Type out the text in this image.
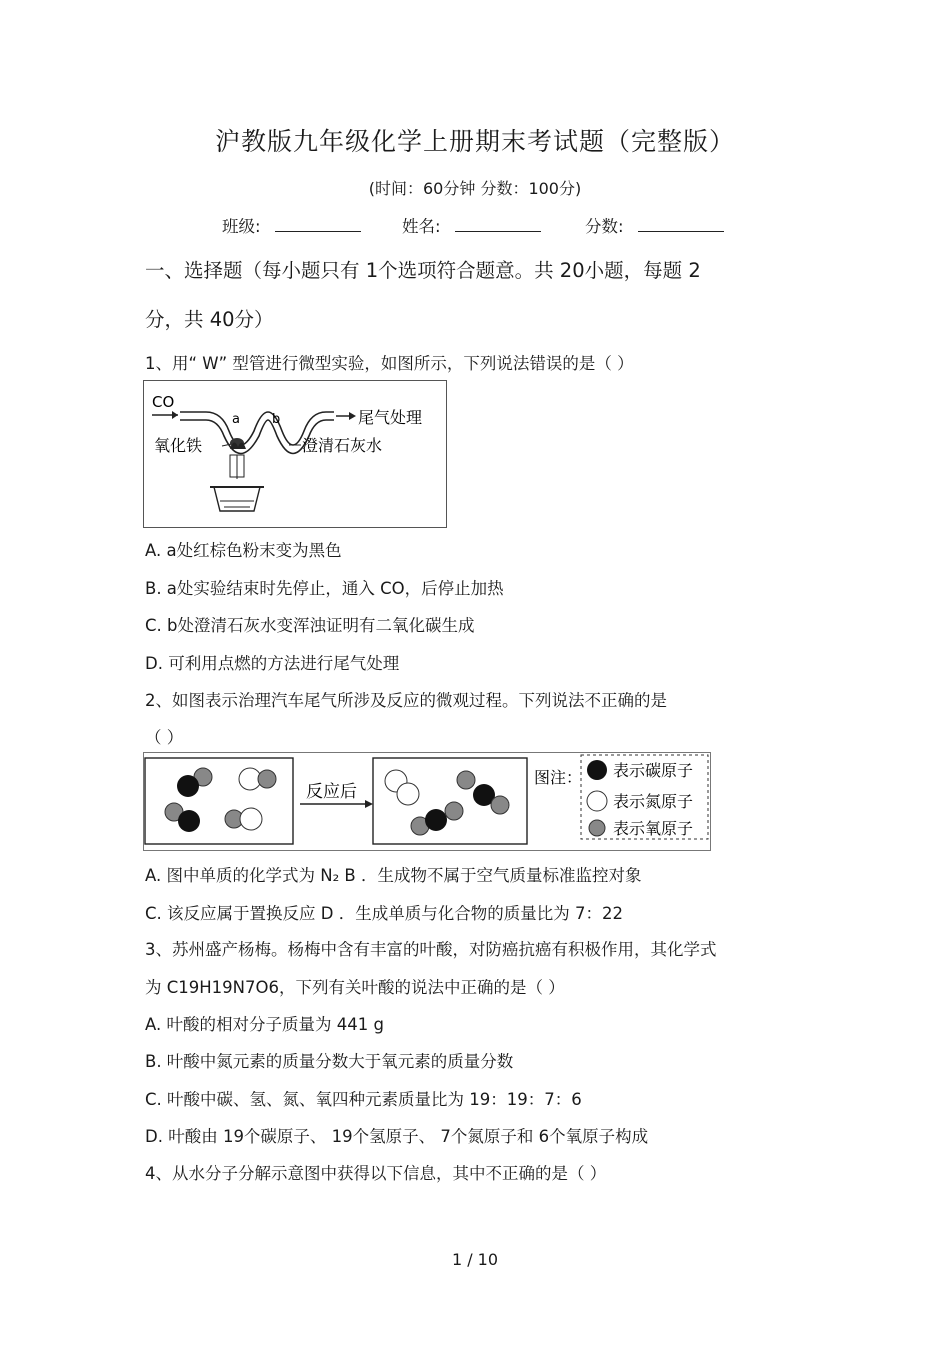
沪教版九年级化学上册期末考试题（完整版）
(时间：60分钟 分数：100分)
班级:	姓名:	分数:
一、选择题（每小题只有 1个选项符合题意。共 20小题，每题 2
分，共 40分）
1、用“ W” 型管进行微型实验，如图所示，下列说法错误的是（ ）
CO
a b	尾气处理
氧化铁	澄清石灰水
A. a处红棕色粉末变为黑色
B. a处实验结束时先停止，通入 CO，后停止加热
C. b处澄清石灰水变浑浊证明有二氧化碳生成
D. 可利用点燃的方法进行尾气处理
2、如图表示治理汽车尾气所涉及反应的微观过程。下列说法不正确的是
（ ）
反应后
图注： 表示碳原子
表示氮原子
表示氧原子
A. 图中单质的化学式为 N₂ B ．生成物不属于空气质量标准监控对象
C. 该反应属于置换反应 D ．生成单质与化合物的质量比为 7：22
3、苏州盛产杨梅。杨梅中含有丰富的叶酸，对防癌抗癌有积极作用，其化学式
为 C19H19N7O6，下列有关叶酸的说法中正确的是（ ）
A. 叶酸的相对分子质量为 441 g
B. 叶酸中氮元素的质量分数大于氧元素的质量分数
C. 叶酸中碳、氢、氮、氧四种元素质量比为 19：19：7：6
D. 叶酸由 19个碳原子、 19个氢原子、 7个氮原子和 6个氧原子构成
4、从水分子分解示意图中获得以下信息，其中不正确的是（ ）
1 / 10
